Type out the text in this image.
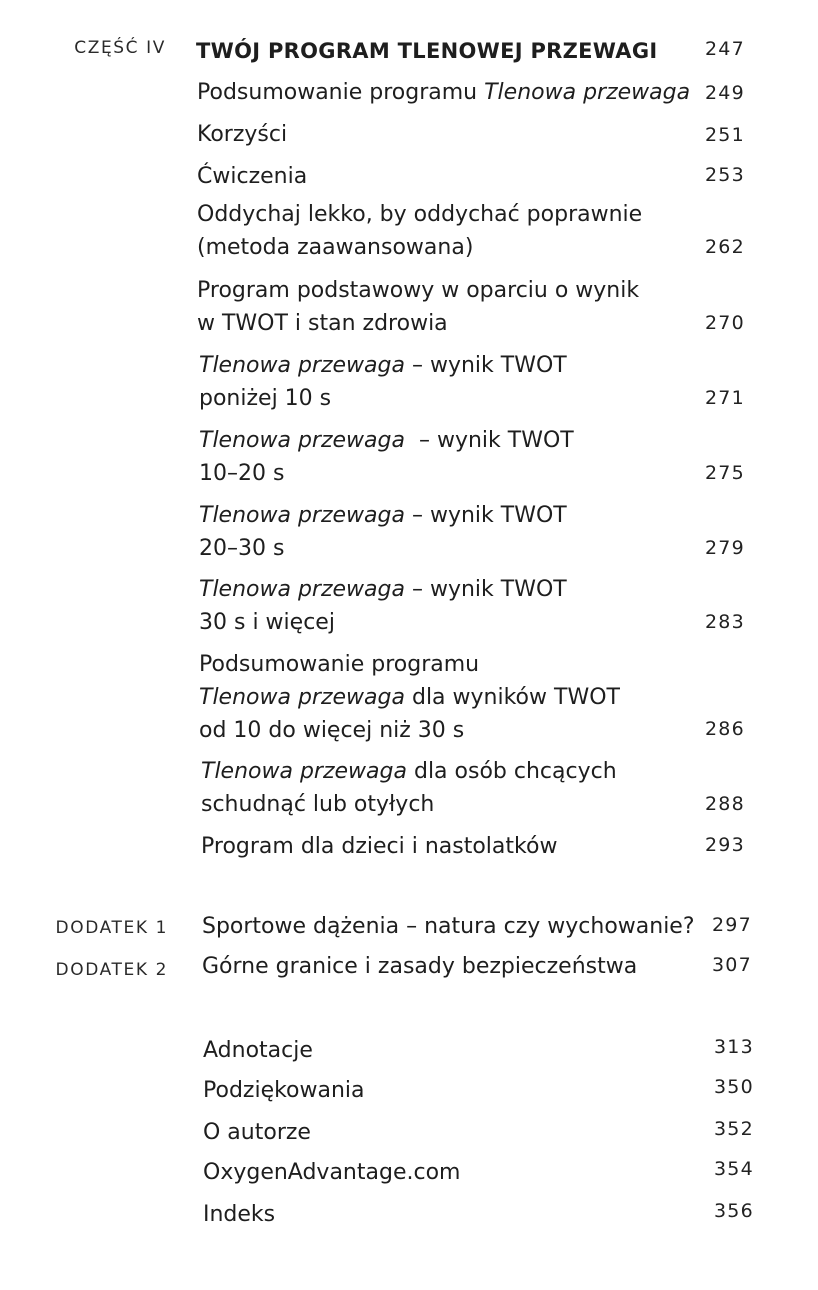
CZĘŚĆ IV TWÓJ PROGRAM TLENOWEJ PRZEWAGI	247
Podsumowanie programu Tlenowa przewaga 249
Korzyści	251
Ćwiczenia	253
Oddychaj lekko, by oddychać poprawnie
(metoda zaawansowana)	262
Program podstawowy w oparciu o wynik
w TWOT i stan zdrowia	270
Tlenowa przewaga – wynik TWOT
poniżej 10 s	271
Tlenowa przewaga  – wynik TWOT
10–20 s	275
Tlenowa przewaga – wynik TWOT
20–30 s	279
Tlenowa przewaga – wynik TWOT
30 s i więcej	283
Podsumowanie programu
Tlenowa przewaga dla wyników TWOT
od 10 do więcej niż 30 s	286
Tlenowa przewaga dla osób chcących
schudnąć lub otyłych	288
Program dla dzieci i nastolatków	293
DODATEK 1 Sportowe dążenia – natura czy wychowanie? 297
DODATEK 2 Górne granice i zasady bezpieczeństwa	307
Adnotacje	313
Podziękowania	350
O autorze	352
OxygenAdvantage.com	354
Indeks	356
